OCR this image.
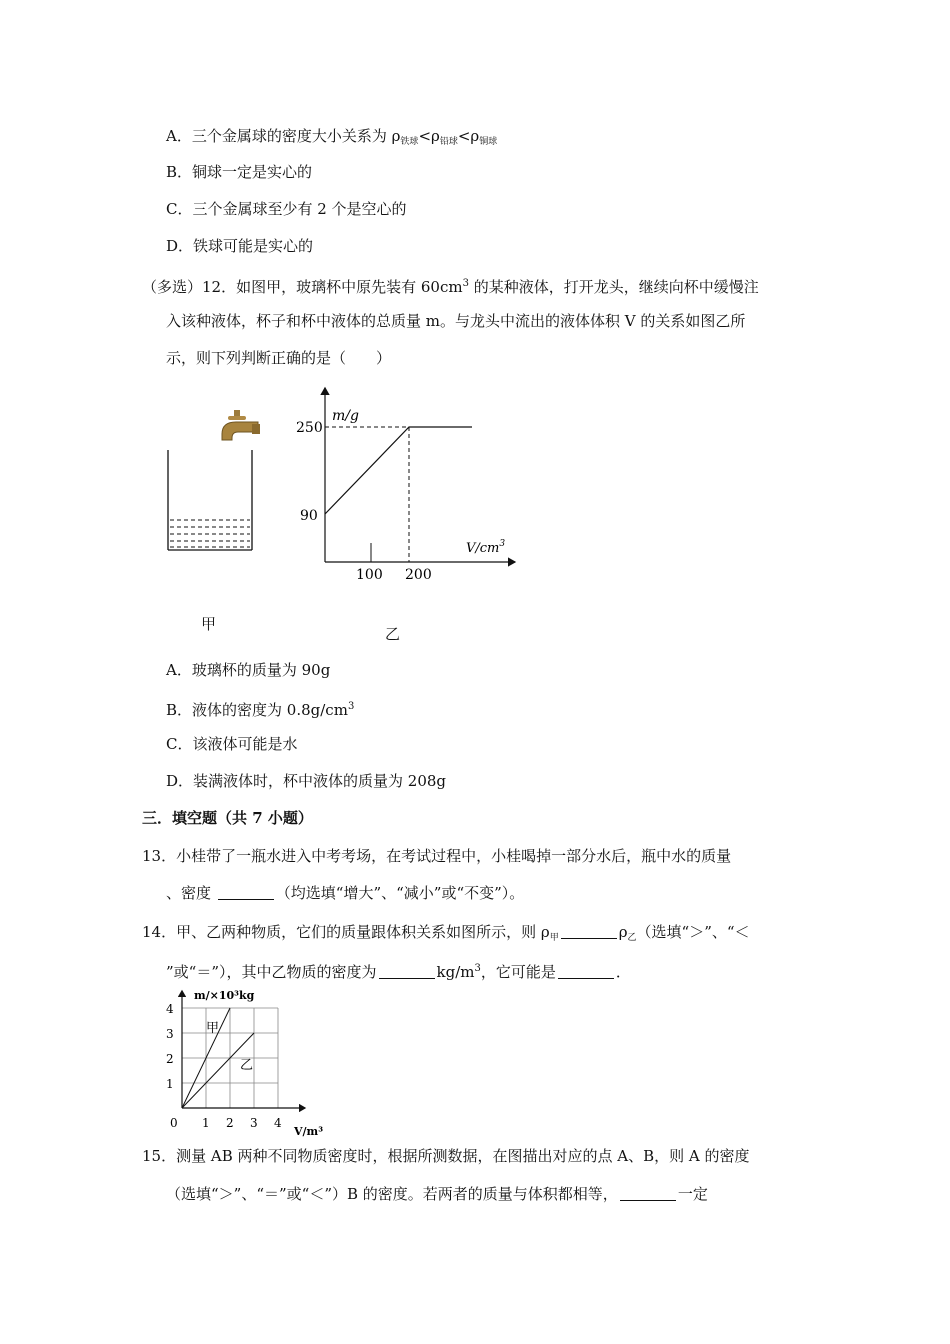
A．三个金属球的密度大小关系为 $\rho_{铁球}<\rho_{铅球}<\rho_{铜球}$
B．铜球一定是实心的
C．三个金属球至少有 2 个是空心的
D．铁球可能是实心的
（多选）12．如图甲，玻璃杯中原先装有 $60cm^3$ 的某种液体，打开龙头，继续向杯中缓慢注
入该种液体，杯子和杯中液体的总质量 m。与龙头中流出的液体体积 V 的关系如图乙所
示，则下列判断正确的是（　　）
甲
m/g
$V/cm^3$
250
90
100 200
乙
A．玻璃杯的质量为 90g
B．液体的密度为 $0.8g/cm^3$
C．该液体可能是水
D．装满液体时，杯中液体的质量为 208g
三．填空题（共 7 小题）
13．小桂带了一瓶水进入中考考场，在考试过程中，小桂喝掉一部分水后，瓶中水的质量
、密度	（均选填“增大”、“减小”或“不变”）。
14．甲、乙两种物质，它们的质量跟体积关系如图所示，则 $\rho_甲$	$\rho_乙$（选填“＞”、“＜
”或“＝”），其中乙物质的密度为	$kg/m^3$，它可能是	．
m/×10³kg
V/m³
甲
乙
4
3
2
1
0 1 2 3 4
15．测量 AB 两种不同物质密度时，根据所测数据，在图描出对应的点 A、B，则 A 的密度
（选填“＞”、“＝”或“＜”）B 的密度。若两者的质量与体积都相等，	一定
